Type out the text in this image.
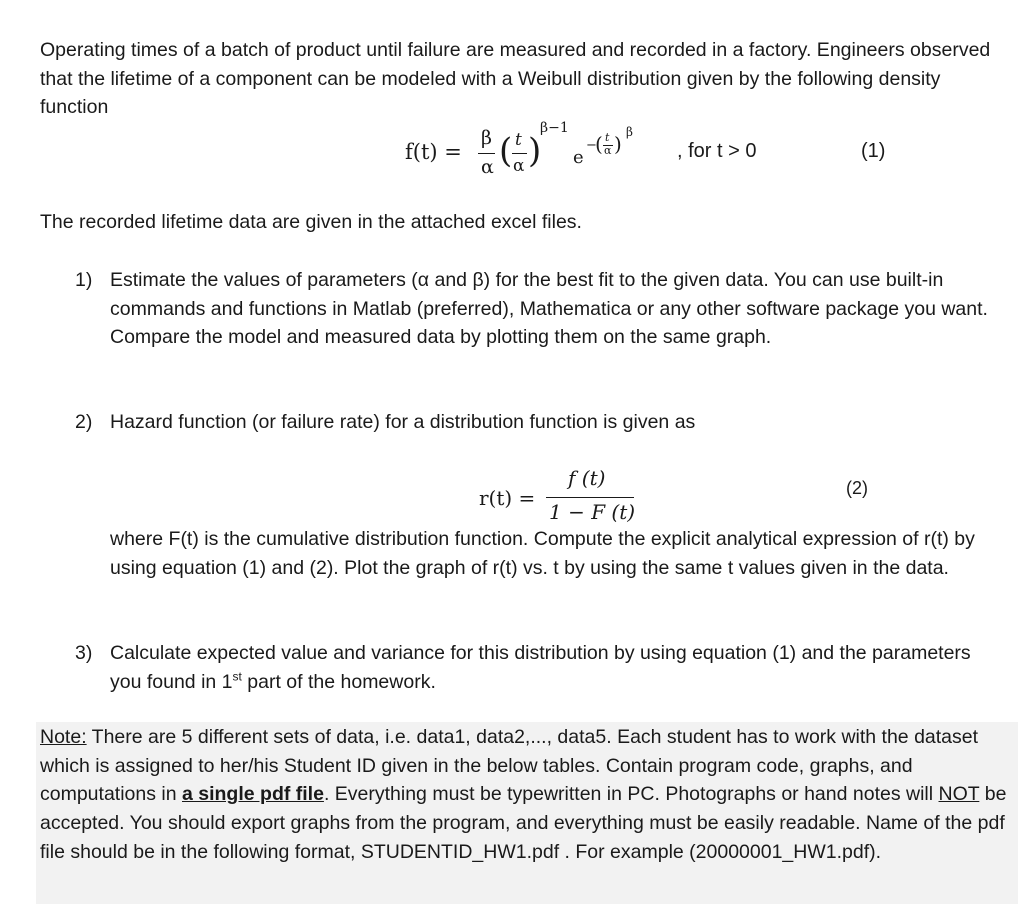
Operating times of a batch of product until failure are measured and recorded in a factory. Engineers observed that the lifetime of a component can be modeled with a Weibull distribution given by the following density function
f(t) =
β
α ( t
α )
β−1
e
−
( t
α ) β
, for t > 0	(1)
The recorded lifetime data are given in the attached excel files.
1) Estimate the values of parameters (α and β) for the best fit to the given data. You can use built-in commands and functions in Matlab (preferred), Mathematica or any other software package you want. Compare the model and measured data by plotting them on the same graph.
2) Hazard function (or failure rate) for a distribution function is given as
r(t) =
f (t)
1 − F (t)
(2)
where F(t) is the cumulative distribution function. Compute the explicit analytical expression of r(t) by using equation (1) and (2). Plot the graph of r(t) vs. t by using the same t values given in the data.
3) Calculate expected value and variance for this distribution by using equation (1) and the parameters you found in 1st part of the homework.
Note: There are 5 different sets of data, i.e. data1, data2,..., data5. Each student has to work with the dataset which is assigned to her/his Student ID given in the below tables. Contain program code, graphs, and computations in a single pdf file. Everything must be typewritten in PC. Photographs or hand notes will NOT be accepted. You should export graphs from the program, and everything must be easily readable. Name of the pdf file should be in the following format, STUDENTID_HW1.pdf . For example (20000001_HW1.pdf).
